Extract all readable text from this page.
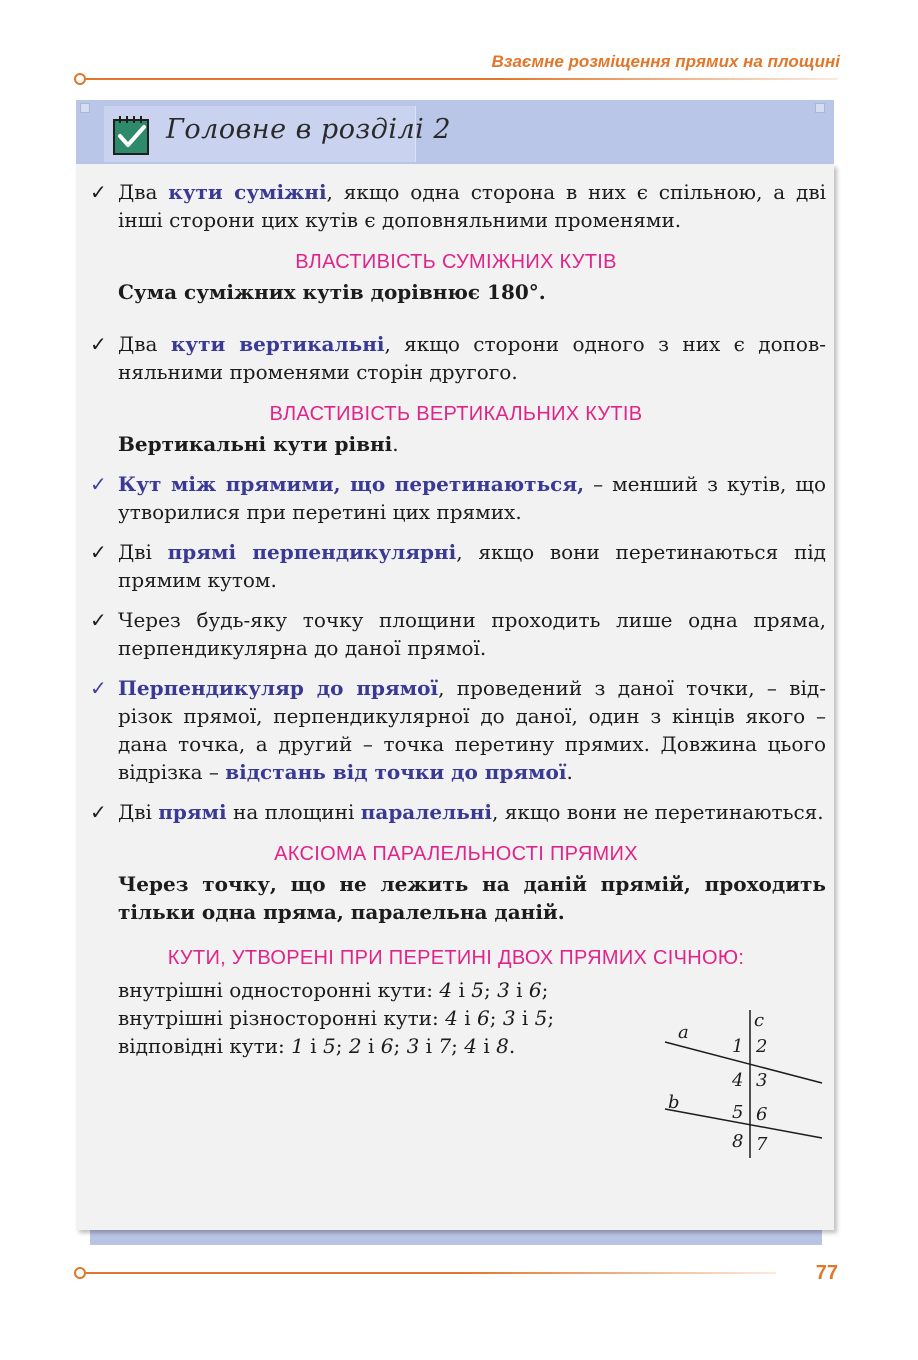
Взаємне розміщення прямих на площині
Головне в розділі 2
✓ Два кути суміжні, якщо одна сторона в них є спільною, а дві інші сторони цих кутів є доповняльними променями.
ВЛАСТИВІСТЬ СУМІЖНИХ КУТІВ
Сума суміжних кутів дорівнює 180°.
✓ Два кути вертикальні, якщо сторони одного з них є доповняльними променями сторін другого.
ВЛАСТИВІСТЬ ВЕРТИКАЛЬНИХ КУТІВ
Вертикальні кути рівні.
✓ Кут між прямими, що перетинаються, – менший з кутів, що утворилися при перетині цих прямих.
✓ Дві прямі перпендикулярні, якщо вони перетинаються під прямим кутом.
✓ Через будь-яку точку площини проходить лише одна пряма, перпендикулярна до даної прямої.
✓ Перпендикуляр до прямої, проведений з даної точки, – відрізок прямої, перпендикулярної до даної, один з кінців якого – дана точка, а другий – точка перетину прямих. Довжина цього відрізка – відстань від точки до прямої.
✓ Дві прямі на площині паралельні, якщо вони не перетинаються.
АКСІОМА ПАРАЛЕЛЬНОСТІ ПРЯМИХ
Через точку, що не лежить на даній прямій, проходить тільки одна пряма, паралельна даній.
КУТИ, УТВОРЕНІ ПРИ ПЕРЕТИНІ ДВОХ ПРЯМИХ СІЧНОЮ:
внутрішні односторонні кути: 4 і 5; 3 і 6;
внутрішні різносторонні кути: 4 і 6; 3 і 5;
відповідні кути: 1 і 5; 2 і 6; 3 і 7; 4 і 8.
a
b
c
1 2
4 3
5 6
8 7
77
